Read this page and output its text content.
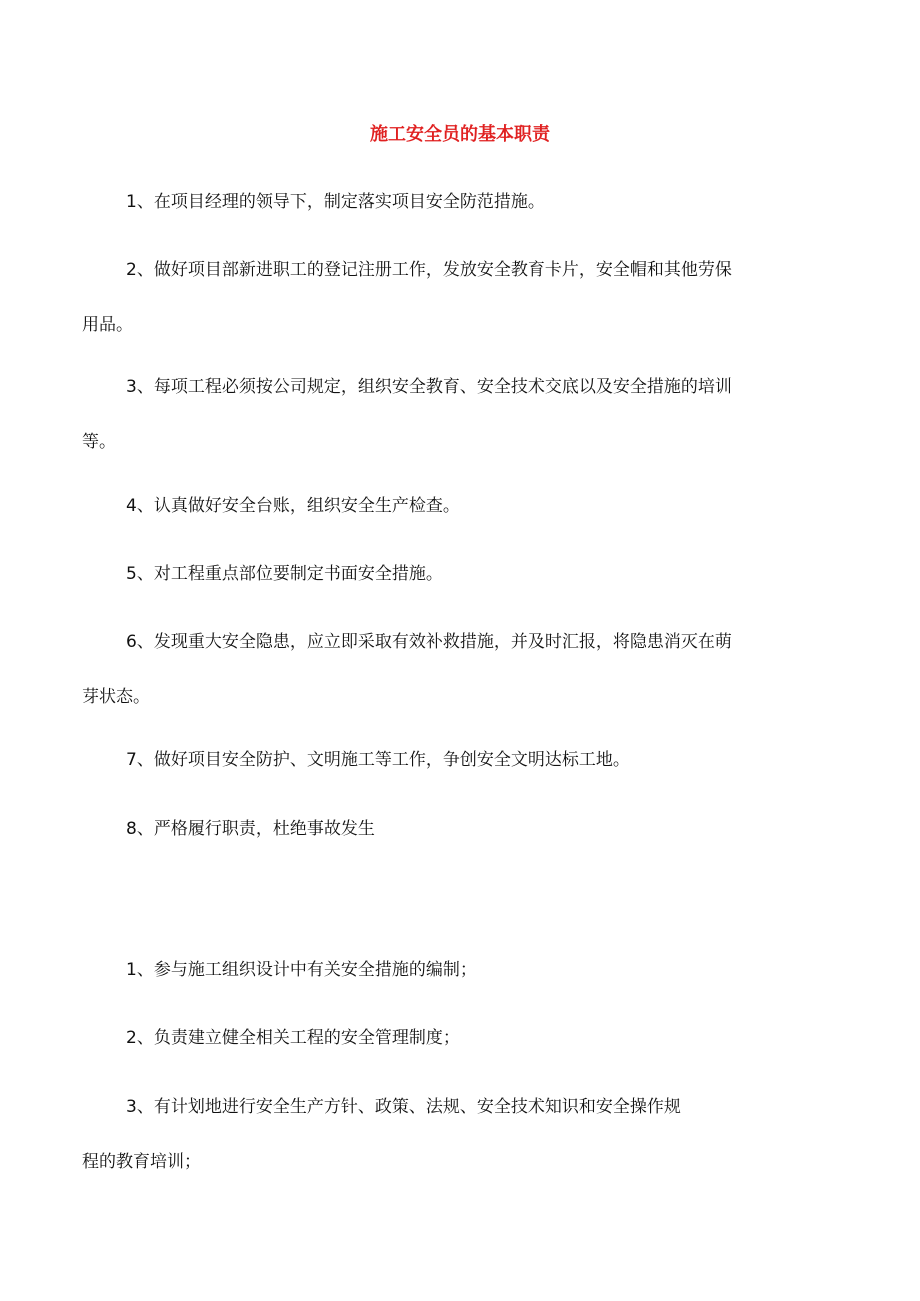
施工安全员的基本职责
1、在项目经理的领导下，制定落实项目安全防范措施。
2、做好项目部新进职工的登记注册工作，发放安全教育卡片，安全帽和其他劳保
用品。
3、每项工程必须按公司规定，组织安全教育、安全技术交底以及安全措施的培训
等。
4、认真做好安全台账，组织安全生产检查。
5、对工程重点部位要制定书面安全措施。
6、发现重大安全隐患，应立即采取有效补救措施，并及时汇报，将隐患消灭在萌
芽状态。
7、做好项目安全防护、文明施工等工作，争创安全文明达标工地。
8、严格履行职责，杜绝事故发生
1、参与施工组织设计中有关安全措施的编制；
2、负责建立健全相关工程的安全管理制度；
3、有计划地进行安全生产方针、政策、法规、安全技术知识和安全操作规
程的教育培训；
